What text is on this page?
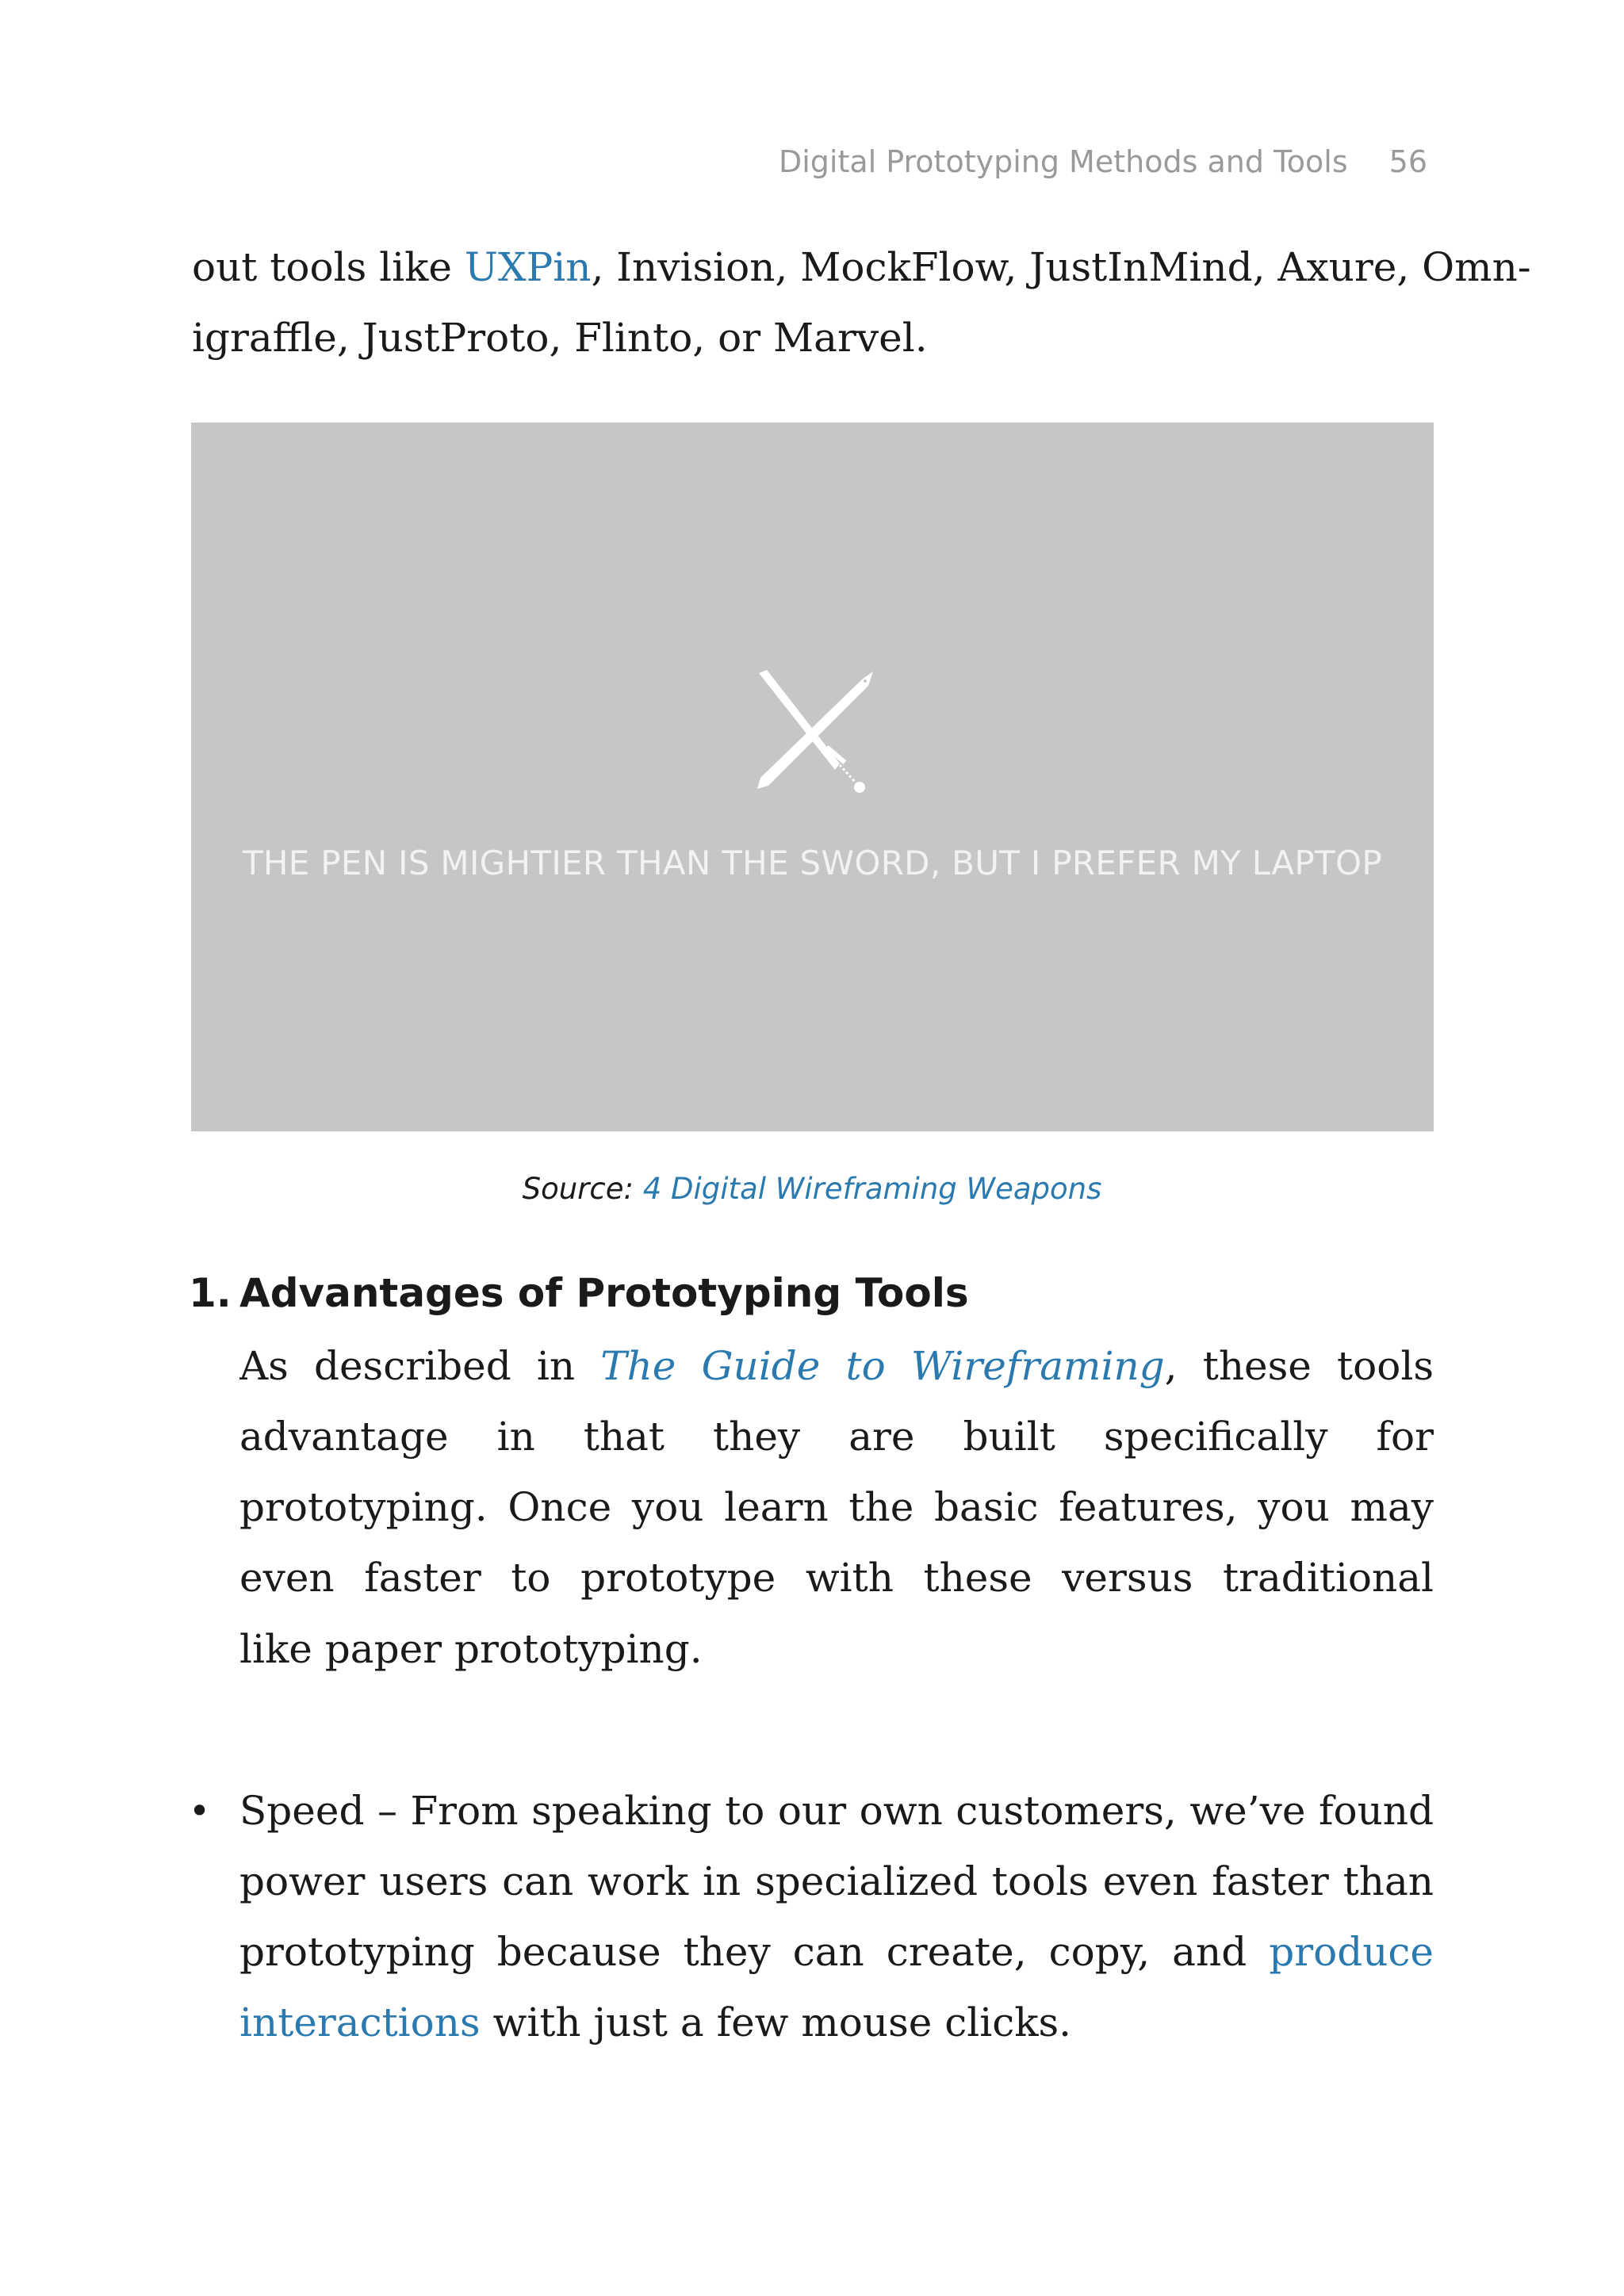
Digital Prototyping Methods and Tools 56
out tools like UXPin, Invision, MockFlow, JustInMind, Axure, Omn-
igraffle, JustProto, Flinto, or Marvel.
THE PEN IS MIGHTIER THAN THE SWORD, BUT I PREFER MY LAPTOP
Source: 4 Digital Wireframing Weapons
1. Advantages of Prototyping Tools
As described in The Guide to Wireframing, these tools
advantage in that they are built specifically for
prototyping. Once you learn the basic features, you may
even faster to prototype with these versus traditional
like paper prototyping.
• Speed – From speaking to our own customers, we’ve found
power users can work in specialized tools even faster than
prototyping because they can create, copy, and produce
interactions with just a few mouse clicks.
